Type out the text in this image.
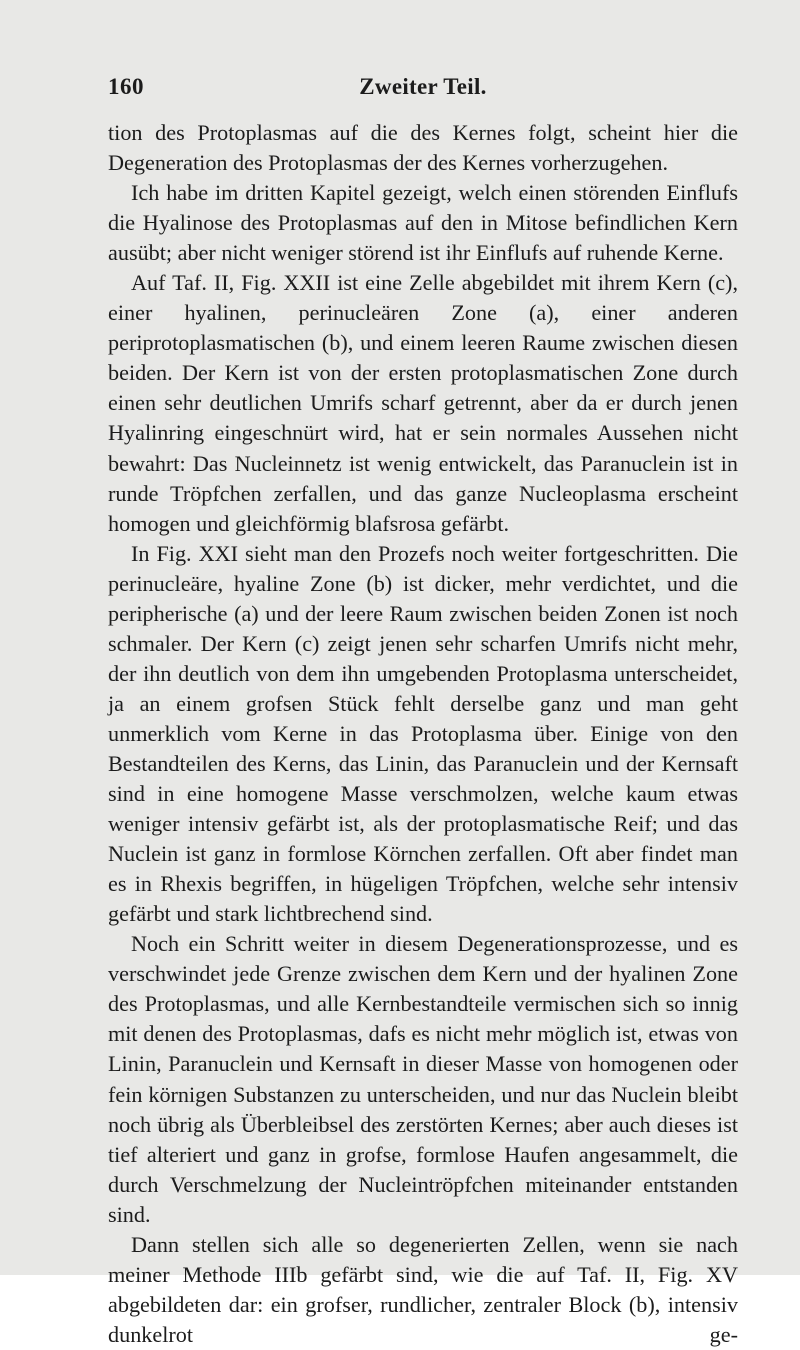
160	Zweiter Teil.

tion des Protoplasmas auf die des Kernes folgt, scheint hier die Degeneration des Protoplasmas der des Kernes vorherzugehen.

Ich habe im dritten Kapitel gezeigt, welch einen störenden Einflufs die Hyalinose des Protoplasmas auf den in Mitose befindlichen Kern ausübt; aber nicht weniger störend ist ihr Einflufs auf ruhende Kerne.

Auf Taf. II, Fig. XXII ist eine Zelle abgebildet mit ihrem Kern (c), einer hyalinen, perinucleären Zone (a), einer anderen periprotoplasmatischen (b), und einem leeren Raume zwischen diesen beiden. Der Kern ist von der ersten protoplasmatischen Zone durch einen sehr deutlichen Umrifs scharf getrennt, aber da er durch jenen Hyalinring eingeschnürt wird, hat er sein normales Aussehen nicht bewahrt: Das Nucleinnetz ist wenig entwickelt, das Paranuclein ist in runde Tröpfchen zerfallen, und das ganze Nucleoplasma erscheint homogen und gleichförmig blafsrosa gefärbt.

In Fig. XXI sieht man den Prozefs noch weiter fortgeschritten. Die perinucleäre, hyaline Zone (b) ist dicker, mehr verdichtet, und die peripherische (a) und der leere Raum zwischen beiden Zonen ist noch schmaler. Der Kern (c) zeigt jenen sehr scharfen Umrifs nicht mehr, der ihn deutlich von dem ihn umgebenden Protoplasma unterscheidet, ja an einem grofsen Stück fehlt derselbe ganz und man geht unmerklich vom Kerne in das Protoplasma über. Einige von den Bestandteilen des Kerns, das Linin, das Paranuclein und der Kernsaft sind in eine homogene Masse verschmolzen, welche kaum etwas weniger intensiv gefärbt ist, als der protoplasmatische Reif; und das Nuclein ist ganz in formlose Körnchen zerfallen. Oft aber findet man es in Rhexis begriffen, in hügeligen Tröpfchen, welche sehr intensiv gefärbt und stark lichtbrechend sind.

Noch ein Schritt weiter in diesem Degenerationsprozesse, und es verschwindet jede Grenze zwischen dem Kern und der hyalinen Zone des Protoplasmas, und alle Kernbestandteile vermischen sich so innig mit denen des Protoplasmas, dafs es nicht mehr möglich ist, etwas von Linin, Paranuclein und Kernsaft in dieser Masse von homogenen oder fein körnigen Substanzen zu unterscheiden, und nur das Nuclein bleibt noch übrig als Überbleibsel des zerstörten Kernes; aber auch dieses ist tief alteriert und ganz in grofse, formlose Haufen angesammelt, die durch Verschmelzung der Nucleintröpfchen miteinander entstanden sind.

Dann stellen sich alle so degenerierten Zellen, wenn sie nach meiner Methode IIIb gefärbt sind, wie die auf Taf. II, Fig. XV abgebildeten dar: ein grofser, rundlicher, zentraler Block (b), intensiv dunkelrot ge-
